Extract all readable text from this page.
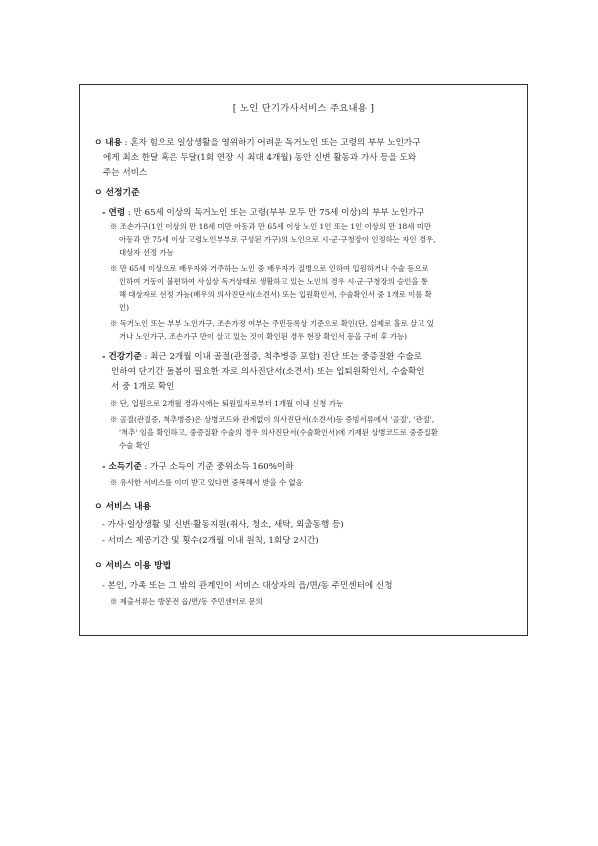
[ 노인 단기가사서비스 주요내용 ]
ㅇ 내용 : 혼자 힘으로 일상생활을 영위하기 어려운 독거노인 또는 고령의 부부 노인가구
에게 최소 한달 혹은 두달(1회 연장 시 최대 4개월) 동안 신변 활동과 가사 등을 도와
주는 서비스
ㅇ 선정기준
- 연령 : 만 65세 이상의 독거노인 또는 고령(부부 모두 만 75세 이상)의 부부 노인가구
※ 조손가구(1인 이상의 만 18세 미만 아동과 만 65세 이상 노인 1인 또는 1인 이상의 만 18세 미만
아동과 만 75세 이상 고령노인부부로 구성된 가구)의 노인으로 시·군·구청장이 인정하는 자인 경우,
대상자 선정 가능
※ 만 65세 이상으로 배우자와 거주하는 노인 중 배우자가 질병으로 인하여 입원하거나 수술 등으로
인하여 거동이 불편하여 사실상 독거상태로 생활하고 있는 노인의 경우 시·군·구청장의 승인을 통
해 대상자로 선정 가능(배우의 의사진단서(소견서) 또는 입원확인서, 수술확인서 중 1개로 이를 확
인)
※ 독거노인 또는 부부 노인가구, 조손가정 여부는 주민등록상 기준으로 확인(단, 실제로 홀로 살고 있
거나 노인가구, 조손가구 만이 살고 있는 것이 확인된 경우 현장 확인서 등을 구비 후 가능)
- 건강기준 : 최근 2개월 이내 골절(관절증, 척추병증 포함) 진단 또는 중증질환 수술로
인하여 단기간 돌봄이 필요한 자로 의사진단서(소견서) 또는 입퇴원확인서, 수술확인
서 중 1개로 확인
※ 단, 입원으로 2개월 경과시에는 퇴원일자로부터 1개월 이내 신청 가능
※ 골절(관절증, 척추병증)은 상병코드와 관계없이 의사진단서(소견서)등 증빙서류에서 '골절', '관절',
'척추' 임을 확인하고, 중증질환 수술의 경우 의사진단서(수술확인서)에 기재된 상병코드로 중증질환
수술 확인
- 소득기준 : 가구 소득이 기준 중위소득 160%이하
※ 유사한 서비스를 이미 받고 있다면 중복해서 받을 수 없음
ㅇ 서비스 내용
- 가사·일상생활 및 신변·활동지원(취사, 청소, 세탁, 외출동행 등)
- 서비스 제공기간 및 횟수(2개월 이내 원칙, 1회당 2시간)
ㅇ 서비스 이용 방법
- 본인, 가족 또는 그 밖의 관계인이 서비스 대상자의 읍/면/동 주민센터에 신청
※ 제출서류는 방문전 읍/면/동 주민센터로 문의
